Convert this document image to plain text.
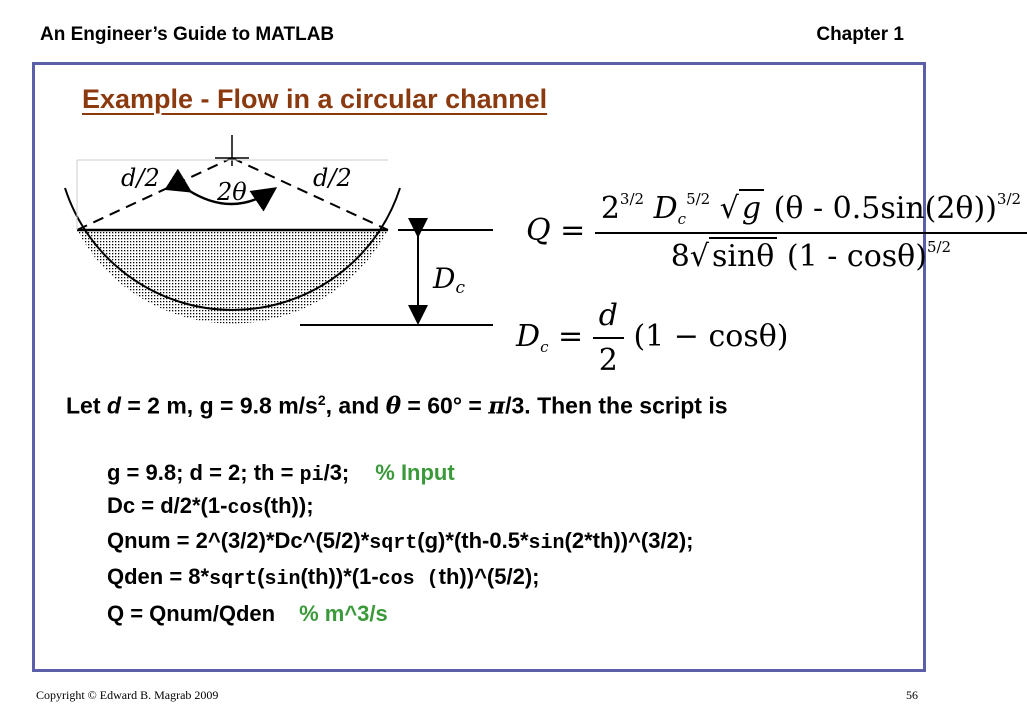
An Engineer’s Guide to MATLAB	Chapter 1
Example - Flow in a circular channel
d/2	d/2
2θ
Dc
$Q = \frac{2^{3/2} D_c^{5/2} √ g (\theta - 0.5\sin(2\theta))^{3/2}}{8√ \sin\theta (1 - \cos\theta)^{5/2}}$
$D_c = \frac{d}{2} (1 - \cos\theta)$
Let d = 2 m, g = 9.8 $m/s^2$, and θ = 60° = π/3. Then the script is
g = 9.8; d = 2; th = pi/3; % Input
Dc = d/2*(1-cos(th));
Qnum = 2^(3/2)*Dc^(5/2)*sqrt(g)*(th-0.5*sin(2*th))^(3/2);
Qden = 8*sqrt(sin(th))*(1-cos (th))^(5/2);
Q = Qnum/Qden % m^3/s
Copyright © Edward B. Magrab 2009	56
